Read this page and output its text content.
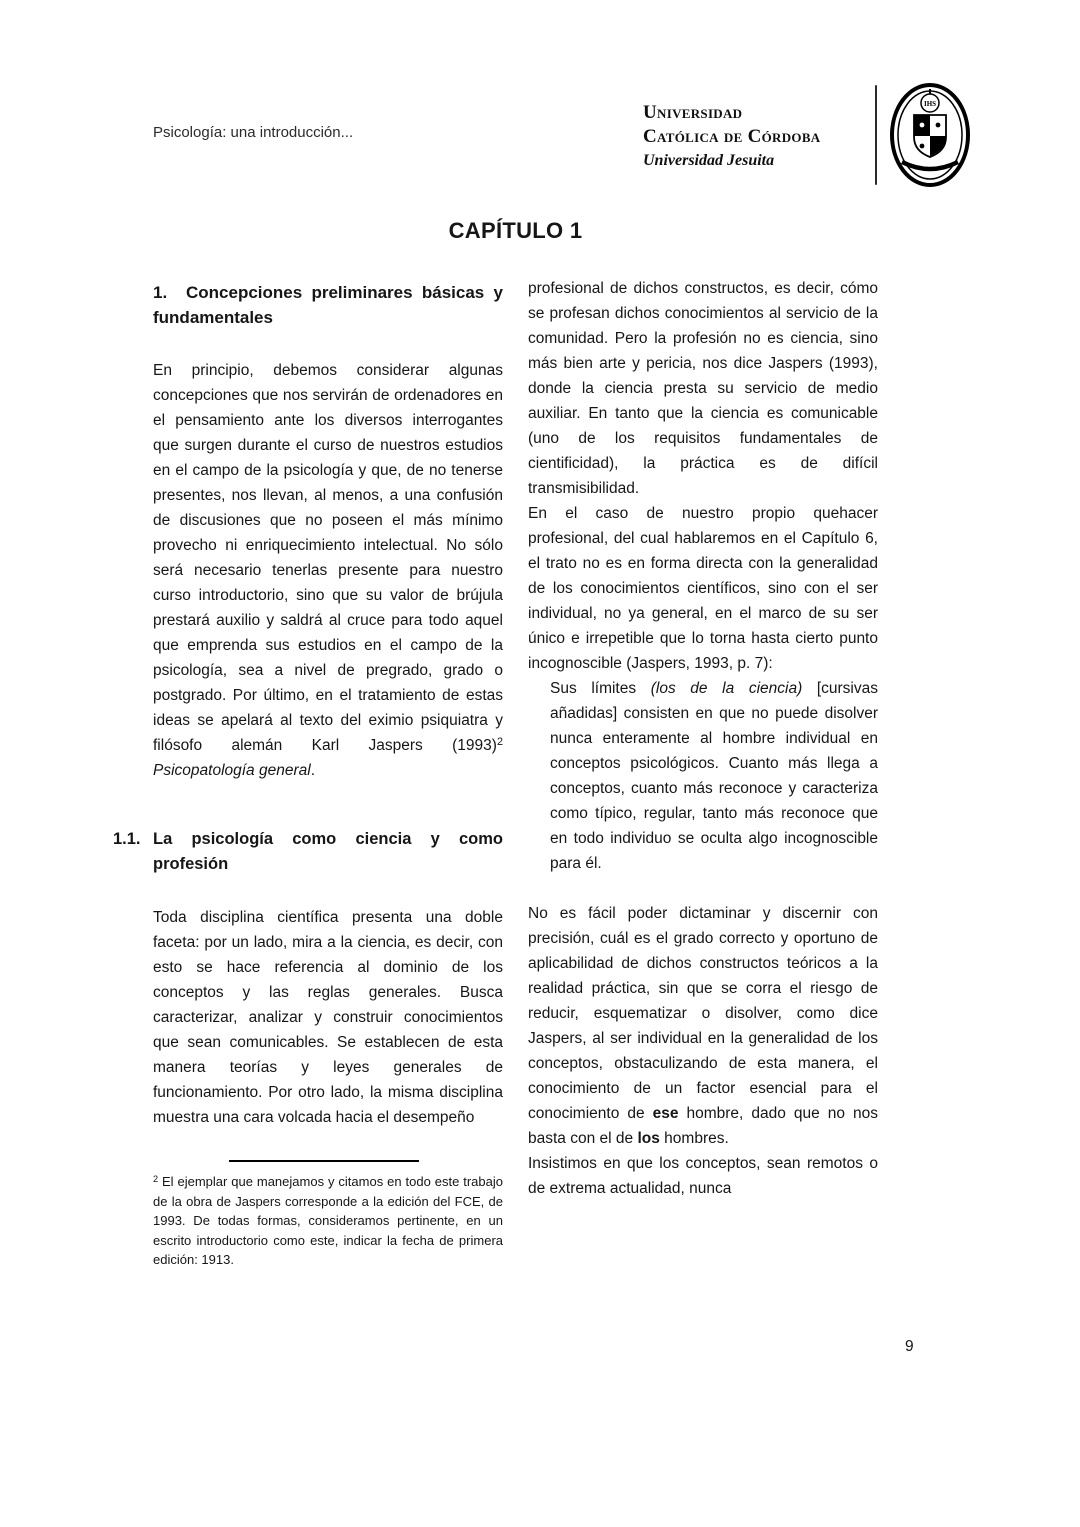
Psicología: una introducción...
Universidad
Católica de Córdoba
Universidad Jesuita
IHS
CAPÍTULO 1
1. Concepciones preliminares básicas y fundamentales

En principio, debemos considerar algunas concepciones que nos servirán de ordenadores en el pensamiento ante los diversos interrogantes que surgen durante el curso de nuestros estudios en el campo de la psicología y que, de no tenerse presentes, nos llevan, al menos, a una confusión de discusiones que no poseen el más mínimo provecho ni enriquecimiento intelectual. No sólo será necesario tenerlas presente para nuestro curso introductorio, sino que su valor de brújula prestará auxilio y saldrá al cruce para todo aquel que emprenda sus estudios en el campo de la psicología, sea a nivel de pregrado, grado o postgrado. Por último, en el tratamiento de estas ideas se apelará al texto del eximio psiquiatra y filósofo alemán Karl Jaspers $(1993)^2$ Psicopatología general.

1.1. La psicología como ciencia y como profesión

Toda disciplina científica presenta una doble faceta: por un lado, mira a la ciencia, es decir, con esto se hace referencia al dominio de los conceptos y las reglas generales. Busca caracterizar, analizar y construir conocimientos que sean comunicables. Se establecen de esta manera teorías y leyes generales de funcionamiento. Por otro lado, la misma disciplina muestra una cara volcada hacia el desempeño

$^2$ El ejemplar que manejamos y citamos en todo este trabajo de la obra de Jaspers corresponde a la edición del FCE, de 1993. De todas formas, consideramos pertinente, en un escrito introductorio como este, indicar la fecha de primera edición: 1913.

profesional de dichos constructos, es decir, cómo se profesan dichos conocimientos al servicio de la comunidad. Pero la profesión no es ciencia, sino más bien arte y pericia, nos dice Jaspers (1993), donde la ciencia presta su servicio de medio auxiliar. En tanto que la ciencia es comunicable (uno de los requisitos fundamentales de cientificidad), la práctica es de difícil transmisibilidad.

En el caso de nuestro propio quehacer profesional, del cual hablaremos en el Capítulo 6, el trato no es en forma directa con la generalidad de los conocimientos científicos, sino con el ser individual, no ya general, en el marco de su ser único e irrepetible que lo torna hasta cierto punto incognoscible (Jaspers, 1993, p. 7):

Sus límites (los de la ciencia) [cursivas añadidas] consisten en que no puede disolver nunca enteramente al hombre individual en conceptos psicológicos. Cuanto más llega a conceptos, cuanto más reconoce y caracteriza como típico, regular, tanto más reconoce que en todo individuo se oculta algo incognoscible para él.

No es fácil poder dictaminar y discernir con precisión, cuál es el grado correcto y oportuno de aplicabilidad de dichos constructos teóricos a la realidad práctica, sin que se corra el riesgo de reducir, esquematizar o disolver, como dice Jaspers, al ser individual en la generalidad de los conceptos, obstaculizando de esta manera, el conocimiento de un factor esencial para el conocimiento de ese hombre, dado que no nos basta con el de los hombres.

Insistimos en que los conceptos, sean remotos o de extrema actualidad, nunca

9
